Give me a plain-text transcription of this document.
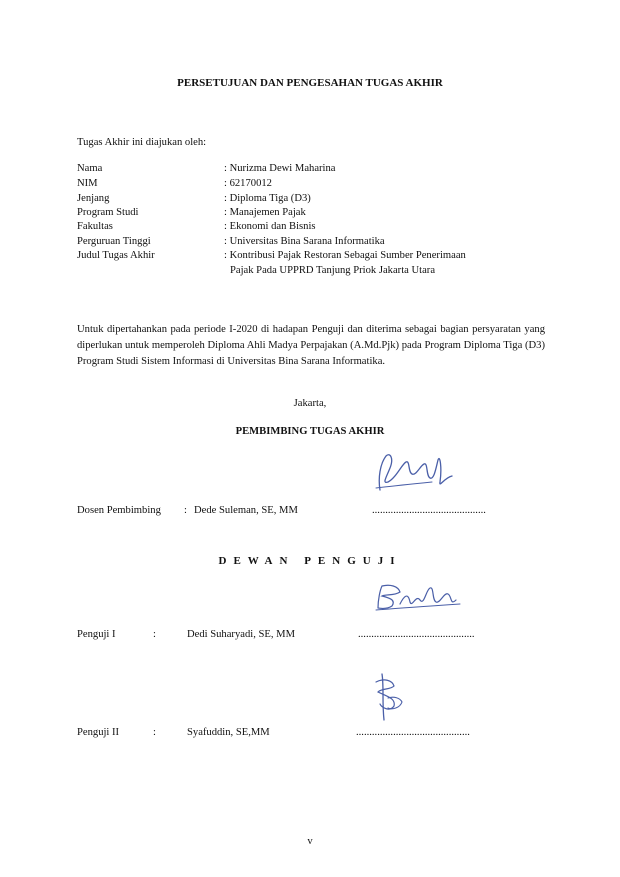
PERSETUJUAN DAN PENGESAHAN TUGAS AKHIR
Tugas Akhir ini diajukan oleh:
Nama	: Nurizma Dewi Maharina
NIM	: 62170012
Jenjang	: Diploma Tiga (D3)
Program Studi	: Manajemen Pajak
Fakultas	: Ekonomi dan Bisnis
Perguruan Tinggi	: Universitas Bina Sarana Informatika
Judul Tugas Akhir	: Kontribusi Pajak Restoran Sebagai Sumber Penerimaan
Pajak Pada UPPRD Tanjung Priok Jakarta Utara
Untuk dipertahankan pada periode I-2020 di hadapan Penguji dan diterima sebagai bagian persyaratan yang diperlukan untuk memperoleh Diploma Ahli Madya Perpajakan (A.Md.Pjk) pada Program Diploma Tiga (D3) Program Studi Sistem Informasi di Universitas Bina Sarana Informatika.
Jakarta,
PEMBIMBING TUGAS AKHIR
Dosen Pembimbing : Dede Suleman, SE, MM	...........................................
DEWAN PENGUJI
Penguji I	:	Dedi Suharyadi, SE, MM	............................................
Penguji II	:	Syafuddin, SE,MM	...........................................
v
